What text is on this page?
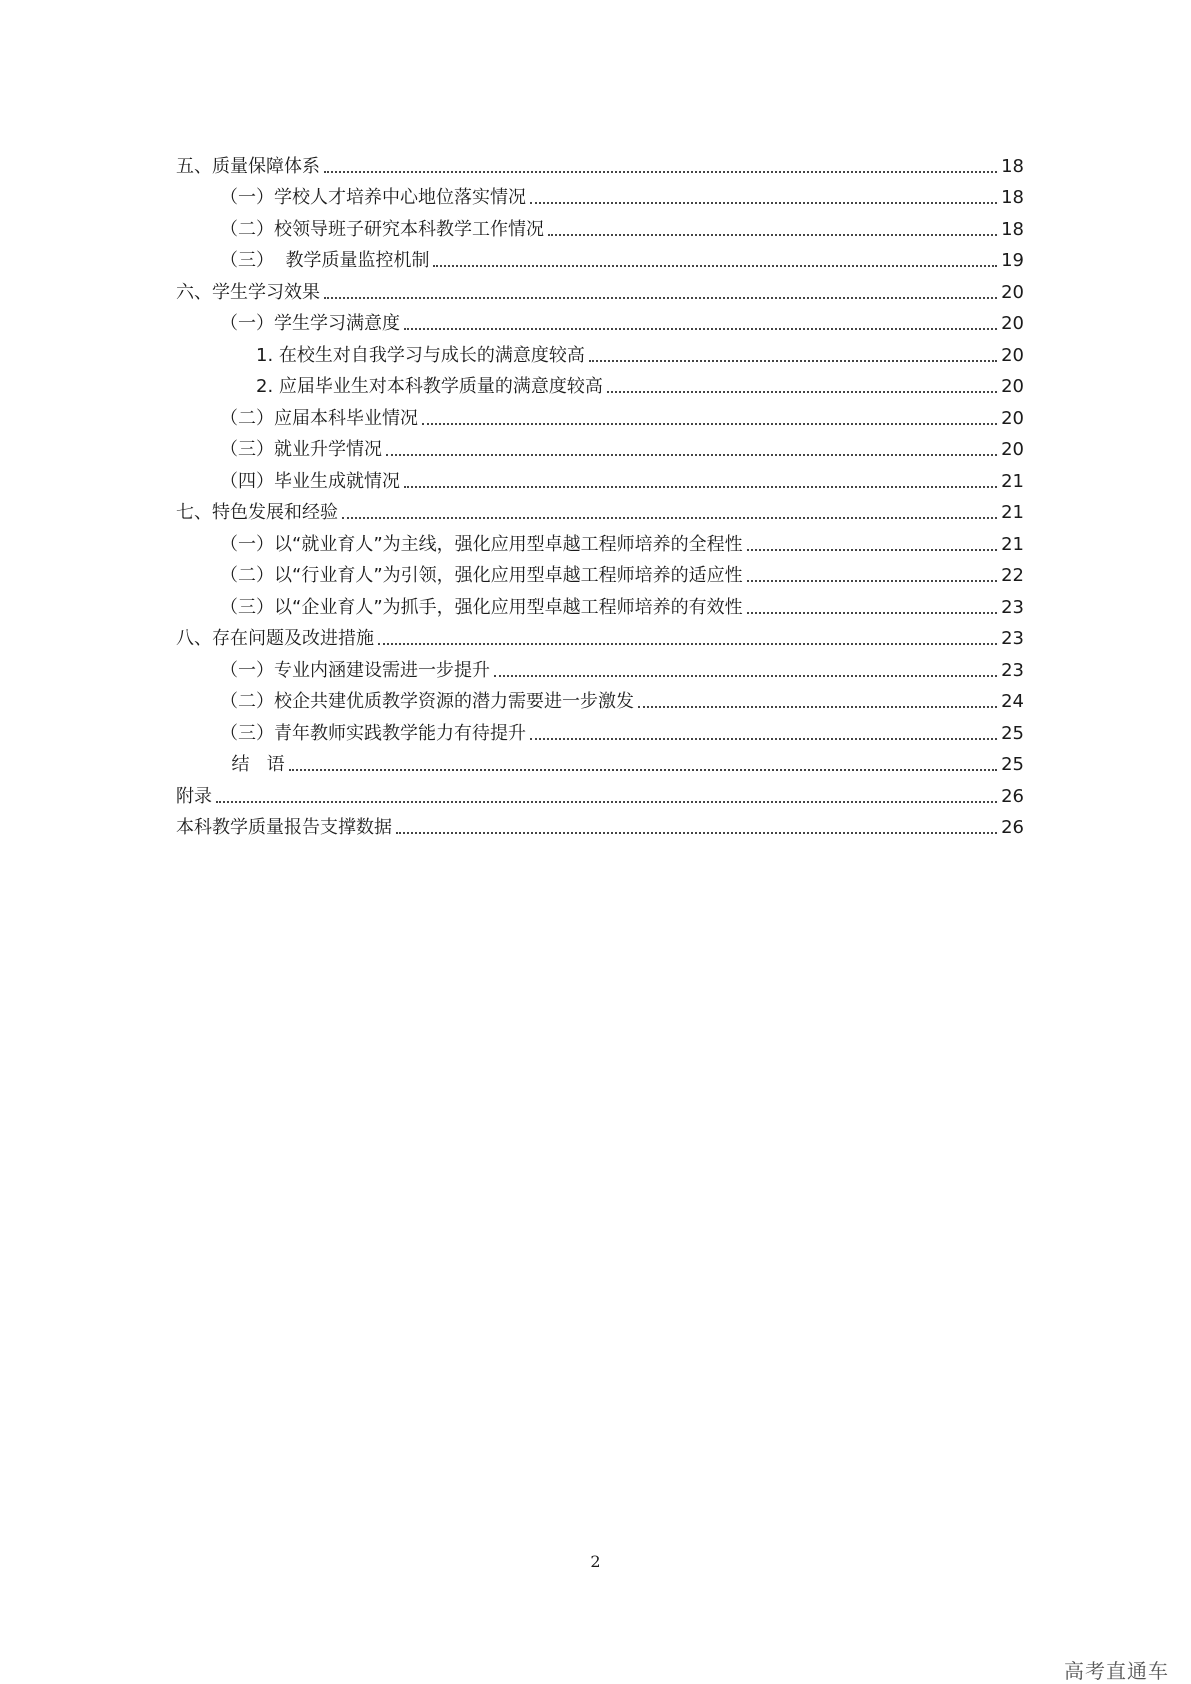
五、质量保障体系	18
（一）学校人才培养中心地位落实情况	18
（二）校领导班子研究本科教学工作情况	18
（三）  教学质量监控机制	19
六、学生学习效果	20
（一）学生学习满意度	20
1. 在校生对自我学习与成长的满意度较高	20
2. 应届毕业生对本科教学质量的满意度较高	20
（二）应届本科毕业情况	20
（三）就业升学情况	20
（四）毕业生成就情况	21
七、特色发展和经验	21
（一）以“就业育人”为主线，强化应用型卓越工程师培养的全程性	21
（二）以“行业育人”为引领，强化应用型卓越工程师培养的适应性	22
（三）以“企业育人”为抓手，强化应用型卓越工程师培养的有效性	23
八、存在问题及改进措施	23
（一）专业内涵建设需进一步提升	23
（二）校企共建优质教学资源的潜力需要进一步激发	24
（三）青年教师实践教学能力有待提升	25
结   语	25
附录	26
本科教学质量报告支撑数据	26
2
高考直通车
